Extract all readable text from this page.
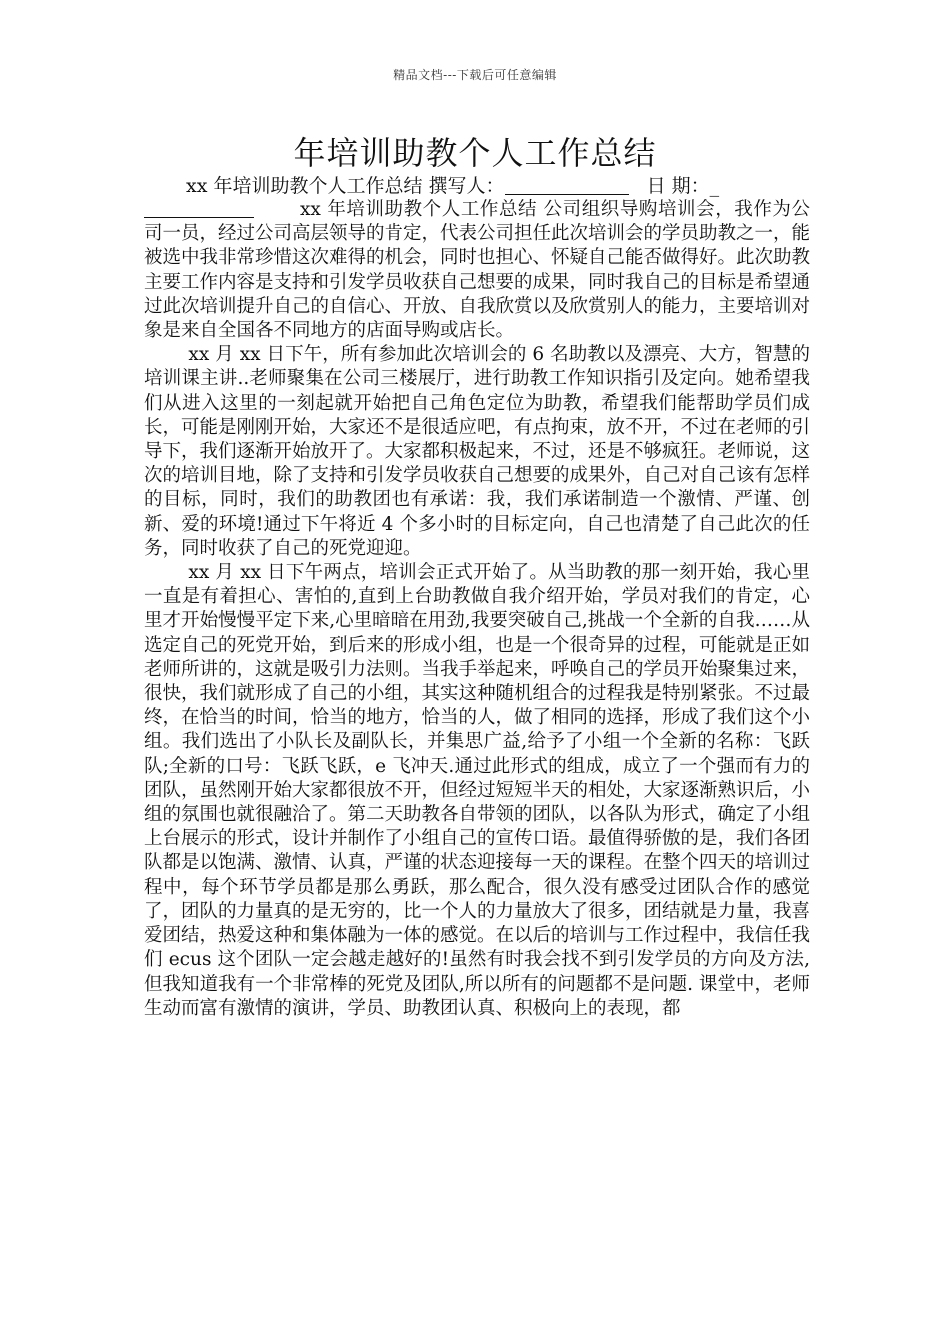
精品文档---下载后可任意编辑
年培训助教个人工作总结
xx 年培训助教个人工作总结 撰写人：	日 期：_

xx 年培训助教个人工作总结 公司组织导购培训会，我作为公司一员，经过公司高层领导的肯定，代表公司担任此次培训会的学员助教之一，能被选中我非常珍惜这次难得的机会，同时也担心、怀疑自己能否做得好。此次助教主要工作内容是支持和引发学员收获自己想要的成果，同时我自己的目标是希望通过此次培训提升自己的自信心、开放、自我欣赏以及欣赏别人的能力，主要培训对象是来自全国各不同地方的店面导购或店长。

xx 月 xx 日下午，所有参加此次培训会的 6 名助教以及漂亮、大方，智慧的培训课主讲..老师聚集在公司三楼展厅，进行助教工作知识指引及定向。她希望我们从进入这里的一刻起就开始把自己角色定位为助教，希望我们能帮助学员们成长，可能是刚刚开始，大家还不是很适应吧，有点拘束，放不开，不过在老师的引导下，我们逐渐开始放开了。大家都积极起来，不过，还是不够疯狂。老师说，这次的培训目地，除了支持和引发学员收获自己想要的成果外，自己对自己该有怎样的目标，同时，我们的助教团也有承诺：我，我们承诺制造一个激情、严谨、创新、爱的环境!通过下午将近 4 个多小时的目标定向，自己也清楚了自己此次的任务，同时收获了自己的死党迎迎。

xx 月 xx 日下午两点，培训会正式开始了。从当助教的那一刻开始，我心里一直是有着担心、害怕的,直到上台助教做自我介绍开始，学员对我们的肯定，心里才开始慢慢平定下来,心里暗暗在用劲,我要突破自己,挑战一个全新的自我……从选定自己的死党开始，到后来的形成小组，也是一个很奇异的过程，可能就是正如老师所讲的，这就是吸引力法则。当我手举起来，呼唤自己的学员开始聚集过来，很快，我们就形成了自己的小组，其实这种随机组合的过程我是特别紧张。不过最终，在恰当的时间，恰当的地方，恰当的人，做了相同的选择，形成了我们这个小组。我们选出了小队长及副队长，并集思广益,给予了小组一个全新的名称：飞跃队;全新的口号：飞跃飞跃，e 飞冲天.通过此形式的组成，成立了一个强而有力的团队，虽然刚开始大家都很放不开，但经过短短半天的相处，大家逐渐熟识后，小组的氛围也就很融洽了。第二天助教各自带领的团队，以各队为形式，确定了小组上台展示的形式，设计并制作了小组自己的宣传口语。最值得骄傲的是，我们各团队都是以饱满、激情、认真，严谨的状态迎接每一天的课程。在整个四天的培训过程中，每个环节学员都是那么勇跃，那么配合，很久没有感受过团队合作的感觉了，团队的力量真的是无穷的，比一个人的力量放大了很多，团结就是力量，我喜爱团结，热爱这种和集体融为一体的感觉。在以后的培训与工作过程中，我信任我们 ecus 这个团队一定会越走越好的!虽然有时我会找不到引发学员的方向及方法,但我知道我有一个非常棒的死党及团队,所以所有的问题都不是问题. 课堂中，老师生动而富有激情的演讲，学员、助教团认真、积极向上的表现，都
